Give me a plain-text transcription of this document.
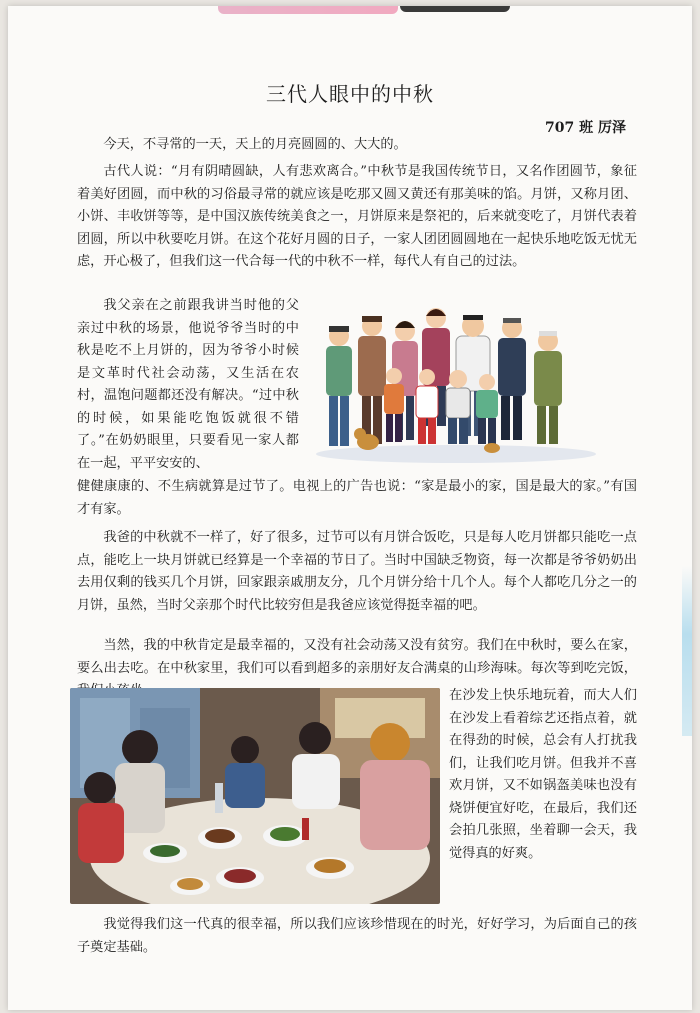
三代人眼中的中秋
707 班 厉泽

今天，不寻常的一天，天上的月亮圆圆的、大大的。

古代人说：“月有阴晴圆缺，人有悲欢离合。”中秋节是我国传统节日，又名作团圆节，象征着美好团圆，而中秋的习俗最寻常的就应该是吃那又圆又黄还有那美味的馅。月饼，又称月团、小饼、丰收饼等等，是中国汉族传统美食之一，月饼原来是祭祀的，后来就变吃了，月饼代表着团圆，所以中秋要吃月饼。在这个花好月圆的日子，一家人团团圆圆地在一起快乐地吃饭无忧无虑，开心极了，但我们这一代合每一代的中秋不一样，每代人有自己的过法。

我父亲在之前跟我讲当时他的父亲过中秋的场景，他说爷爷当时的中秋是吃不上月饼的，因为爷爷小时候是文革时代社会动荡，又生活在农村，温饱问题都还没有解决。“过中秋的时候，如果能吃饱饭就很不错了。”在奶奶眼里，只要看见一家人都在一起，平平安安的、

健健康康的、不生病就算是过节了。电视上的广告也说：“家是最小的家，国是最大的家。”有国才有家。

我爸的中秋就不一样了，好了很多，过节可以有月饼合饭吃，只是每人吃月饼都只能吃一点点，能吃上一块月饼就已经算是一个幸福的节日了。当时中国缺乏物资，每一次都是爷爷奶奶出去用仅剩的钱买几个月饼，回家跟亲戚朋友分，几个月饼分给十几个人。每个人都吃几分之一的月饼，虽然，当时父亲那个时代比较穷但是我爸应该觉得挺幸福的吧。

当然，我的中秋肯定是最幸福的，又没有社会动荡又没有贫穷。我们在中秋时，要么在家，要么出去吃。在中秋家里，我们可以看到超多的亲朋好友合满桌的山珍海味。每次等到吃完饭，

在沙发上快乐地玩着，而大人们在沙发上看着综艺还指点着，就在得劲的时候，总会有人打扰我们，让我们吃月饼。但我并不喜欢月饼，又不如锅盔美味也没有烧饼便宜好吃，在最后，我们还会拍几张照，坐着聊一会天，我觉得真的好爽。

我觉得我们这一代真的很幸福，所以我们应该珍惜现在的时光，好好学习，为后面自己的孩子奠定基础。
